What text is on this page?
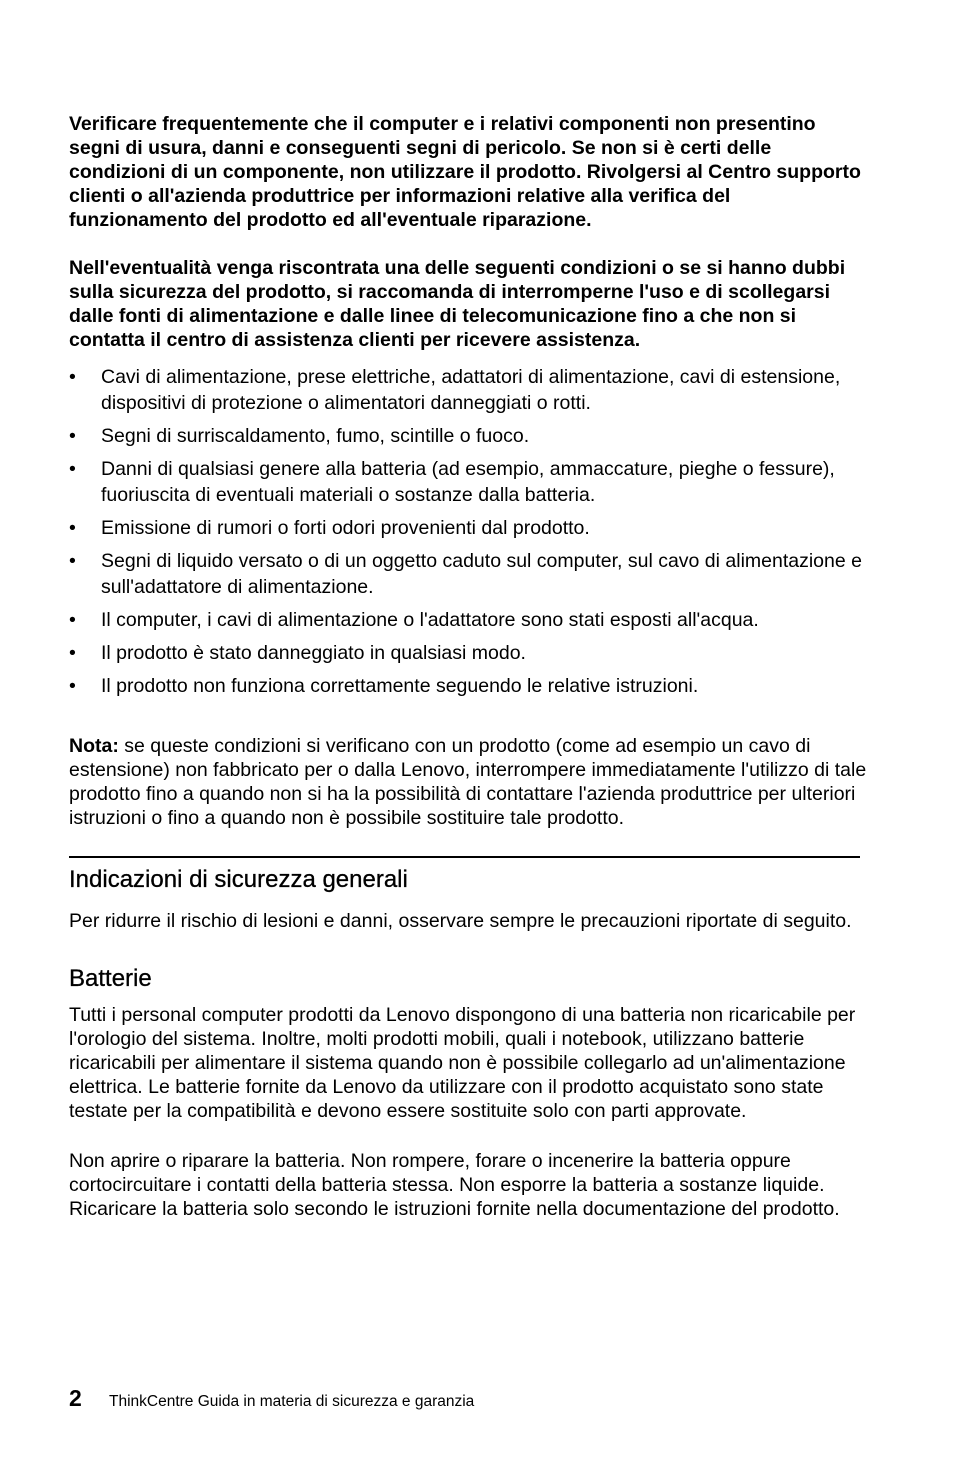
Verificare frequentemente che il computer e i relativi componenti non presentino segni di usura, danni e conseguenti segni di pericolo. Se non si è certi delle condizioni di un componente, non utilizzare il prodotto. Rivolgersi al Centro supporto clienti o all'azienda produttrice per informazioni relative alla verifica del funzionamento del prodotto ed all'eventuale riparazione.

Nell'eventualità venga riscontrata una delle seguenti condizioni o se si hanno dubbi sulla sicurezza del prodotto, si raccomanda di interromperne l'uso e di scollegarsi dalle fonti di alimentazione e dalle linee di telecomunicazione fino a che non si contatta il centro di assistenza clienti per ricevere assistenza.

• Cavi di alimentazione, prese elettriche, adattatori di alimentazione, cavi di estensione, dispositivi di protezione o alimentatori danneggiati o rotti.
• Segni di surriscaldamento, fumo, scintille o fuoco.
• Danni di qualsiasi genere alla batteria (ad esempio, ammaccature, pieghe o fessure), fuoriuscita di eventuali materiali o sostanze dalla batteria.
• Emissione di rumori o forti odori provenienti dal prodotto.
• Segni di liquido versato o di un oggetto caduto sul computer, sul cavo di alimentazione e sull'adattatore di alimentazione.
• Il computer, i cavi di alimentazione o l'adattatore sono stati esposti all'acqua.
• Il prodotto è stato danneggiato in qualsiasi modo.
• Il prodotto non funziona correttamente seguendo le relative istruzioni.

Nota: se queste condizioni si verificano con un prodotto (come ad esempio un cavo di estensione) non fabbricato per o dalla Lenovo, interrompere immediatamente l'utilizzo di tale prodotto fino a quando non si ha la possibilità di contattare l'azienda produttrice per ulteriori istruzioni o fino a quando non è possibile sostituire tale prodotto.

Indicazioni di sicurezza generali

Per ridurre il rischio di lesioni e danni, osservare sempre le precauzioni riportate di seguito.

Batterie

Tutti i personal computer prodotti da Lenovo dispongono di una batteria non ricaricabile per l'orologio del sistema. Inoltre, molti prodotti mobili, quali i notebook, utilizzano batterie ricaricabili per alimentare il sistema quando non è possibile collegarlo ad un'alimentazione elettrica. Le batterie fornite da Lenovo da utilizzare con il prodotto acquistato sono state testate per la compatibilità e devono essere sostituite solo con parti approvate.

Non aprire o riparare la batteria. Non rompere, forare o incenerire la batteria oppure cortocircuitare i contatti della batteria stessa. Non esporre la batteria a sostanze liquide. Ricaricare la batteria solo secondo le istruzioni fornite nella documentazione del prodotto.

2	ThinkCentre Guida in materia di sicurezza e garanzia
